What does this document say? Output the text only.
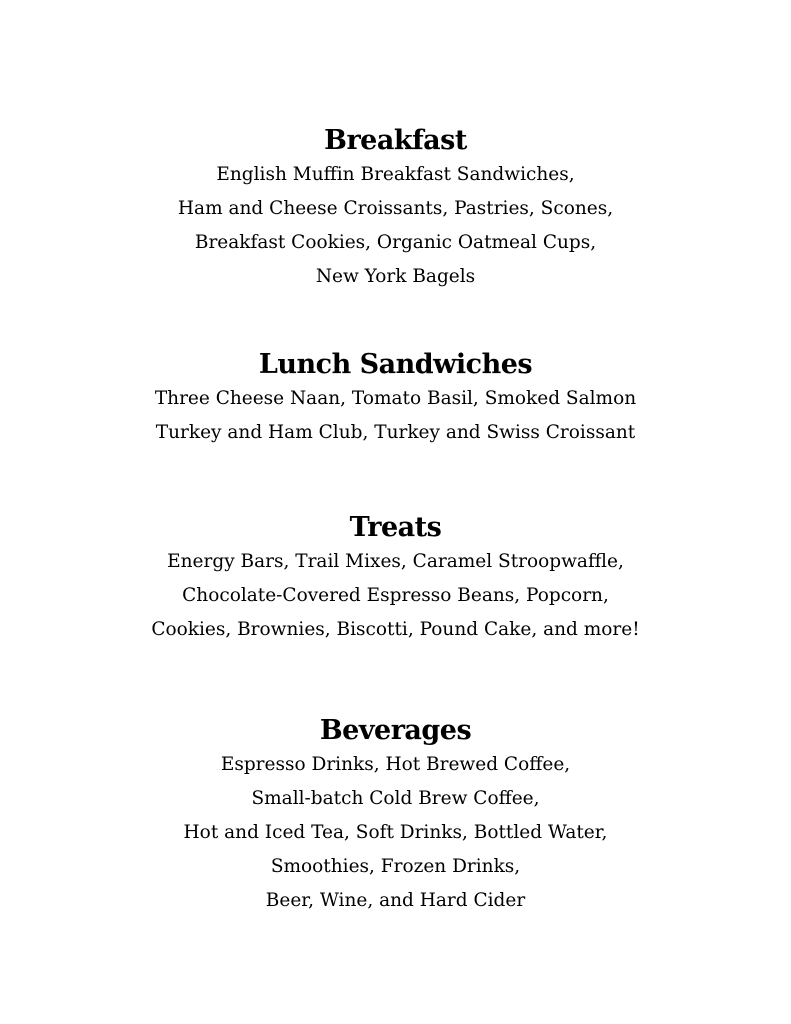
Breakfast

English Muffin Breakfast Sandwiches,

Ham and Cheese Croissants, Pastries, Scones,

Breakfast Cookies, Organic Oatmeal Cups,

New York Bagels

Lunch Sandwiches

Three Cheese Naan, Tomato Basil, Smoked Salmon

Turkey and Ham Club, Turkey and Swiss Croissant

Treats

Energy Bars, Trail Mixes, Caramel Stroopwaffle,

Chocolate-Covered Espresso Beans, Popcorn,

Cookies, Brownies, Biscotti, Pound Cake, and more!

Beverages

Espresso Drinks, Hot Brewed Coffee,

Small-batch Cold Brew Coffee,

Hot and Iced Tea, Soft Drinks, Bottled Water,

Smoothies, Frozen Drinks,

Beer, Wine, and Hard Cider
